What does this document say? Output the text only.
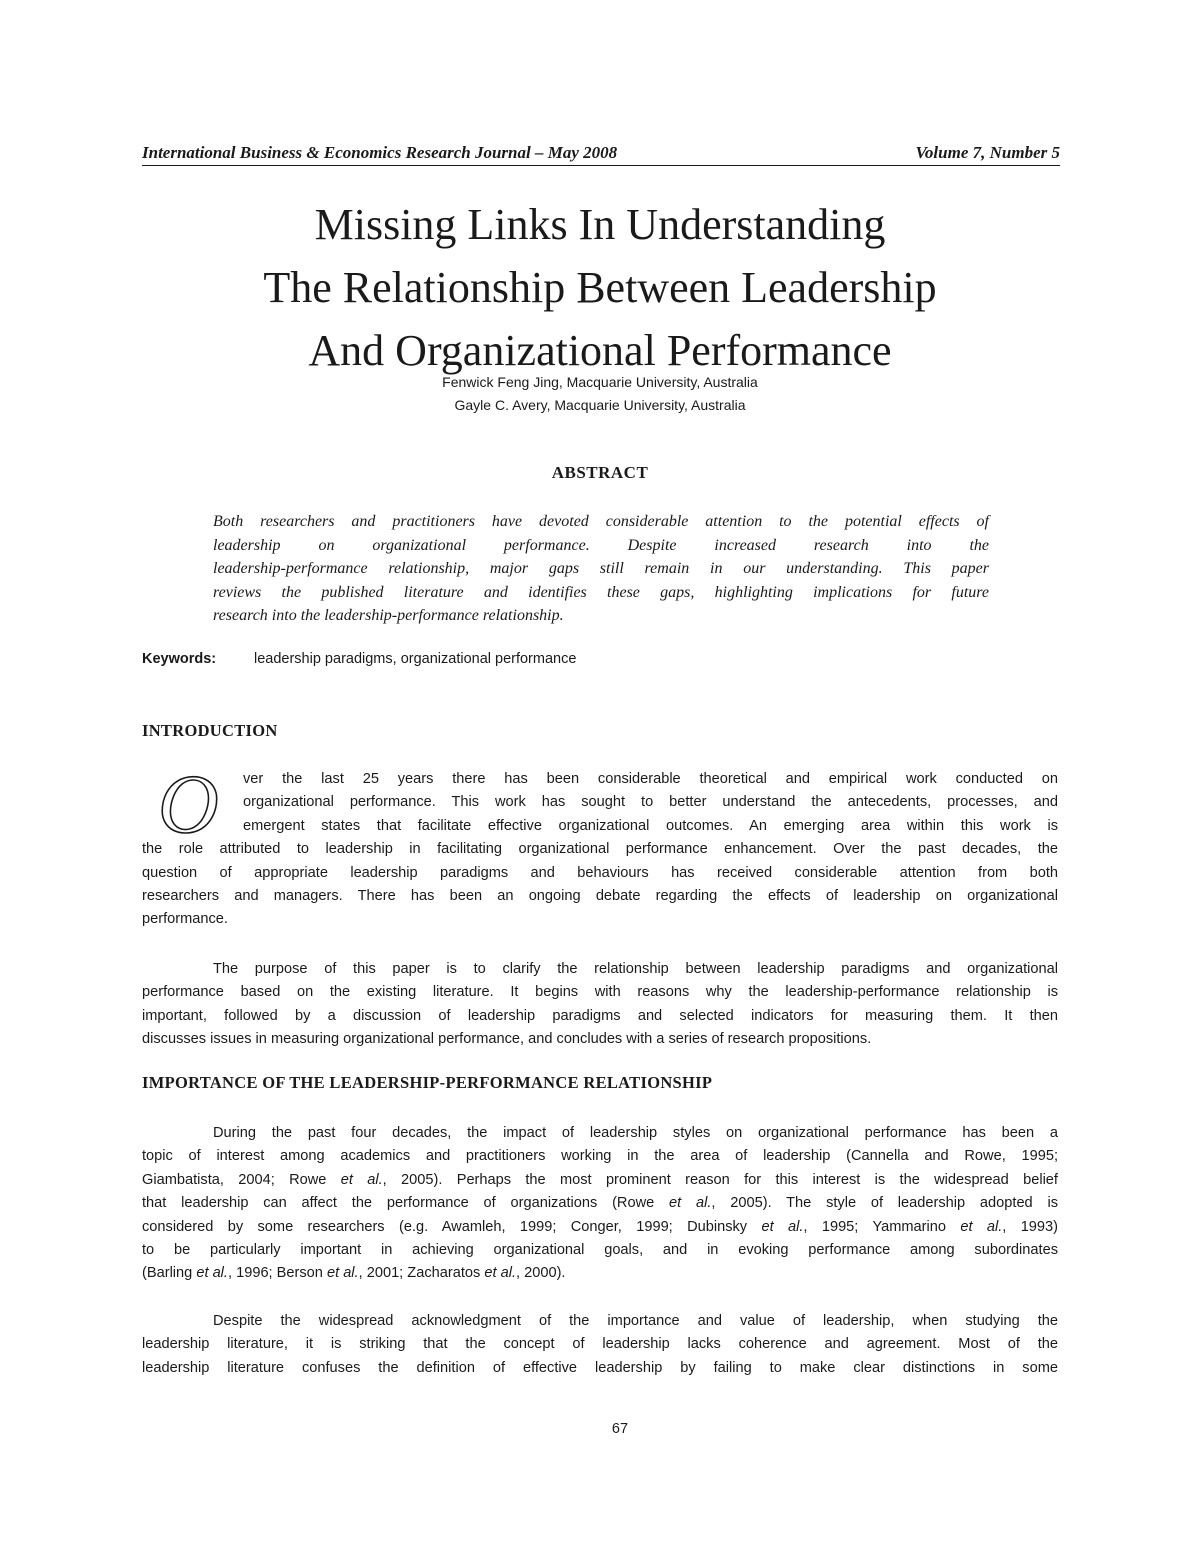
International Business & Economics Research Journal – May 2008	Volume 7, Number 5
Missing Links In Understanding
The Relationship Between Leadership
And Organizational Performance
Fenwick Feng Jing, Macquarie University, Australia
Gayle C. Avery, Macquarie University, Australia
ABSTRACT
Both researchers and practitioners have devoted considerable attention to the potential effects of
leadership on organizational performance. Despite increased research into the
leadership-performance relationship, major gaps still remain in our understanding. This paper
reviews the published literature and identifies these gaps, highlighting implications for future
research into the leadership-performance relationship.
Keywords:	leadership paradigms, organizational performance
INTRODUCTION
O	ver the last 25 years there has been considerable theoretical and empirical work conducted on
organizational performance. This work has sought to better understand the antecedents, processes, and
emergent states that facilitate effective organizational outcomes. An emerging area within this work is
the role attributed to leadership in facilitating organizational performance enhancement. Over the past decades, the
question of appropriate leadership paradigms and behaviours has received considerable attention from both
researchers and managers. There has been an ongoing debate regarding the effects of leadership on organizational
performance.
The purpose of this paper is to clarify the relationship between leadership paradigms and organizational
performance based on the existing literature. It begins with reasons why the leadership-performance relationship is
important, followed by a discussion of leadership paradigms and selected indicators for measuring them. It then
discusses issues in measuring organizational performance, and concludes with a series of research propositions.
IMPORTANCE OF THE LEADERSHIP-PERFORMANCE RELATIONSHIP
During the past four decades, the impact of leadership styles on organizational performance has been a
topic of interest among academics and practitioners working in the area of leadership (Cannella and Rowe, 1995;
Giambatista, 2004; Rowe et al., 2005). Perhaps the most prominent reason for this interest is the widespread belief
that leadership can affect the performance of organizations (Rowe et al., 2005). The style of leadership adopted is
considered by some researchers (e.g. Awamleh, 1999; Conger, 1999; Dubinsky et al., 1995; Yammarino et al., 1993)
to be particularly important in achieving organizational goals, and in evoking performance among subordinates
(Barling et al., 1996; Berson et al., 2001; Zacharatos et al., 2000).
Despite the widespread acknowledgment of the importance and value of leadership, when studying the
leadership literature, it is striking that the concept of leadership lacks coherence and agreement. Most of the
leadership literature confuses the definition of effective leadership by failing to make clear distinctions in some
67
